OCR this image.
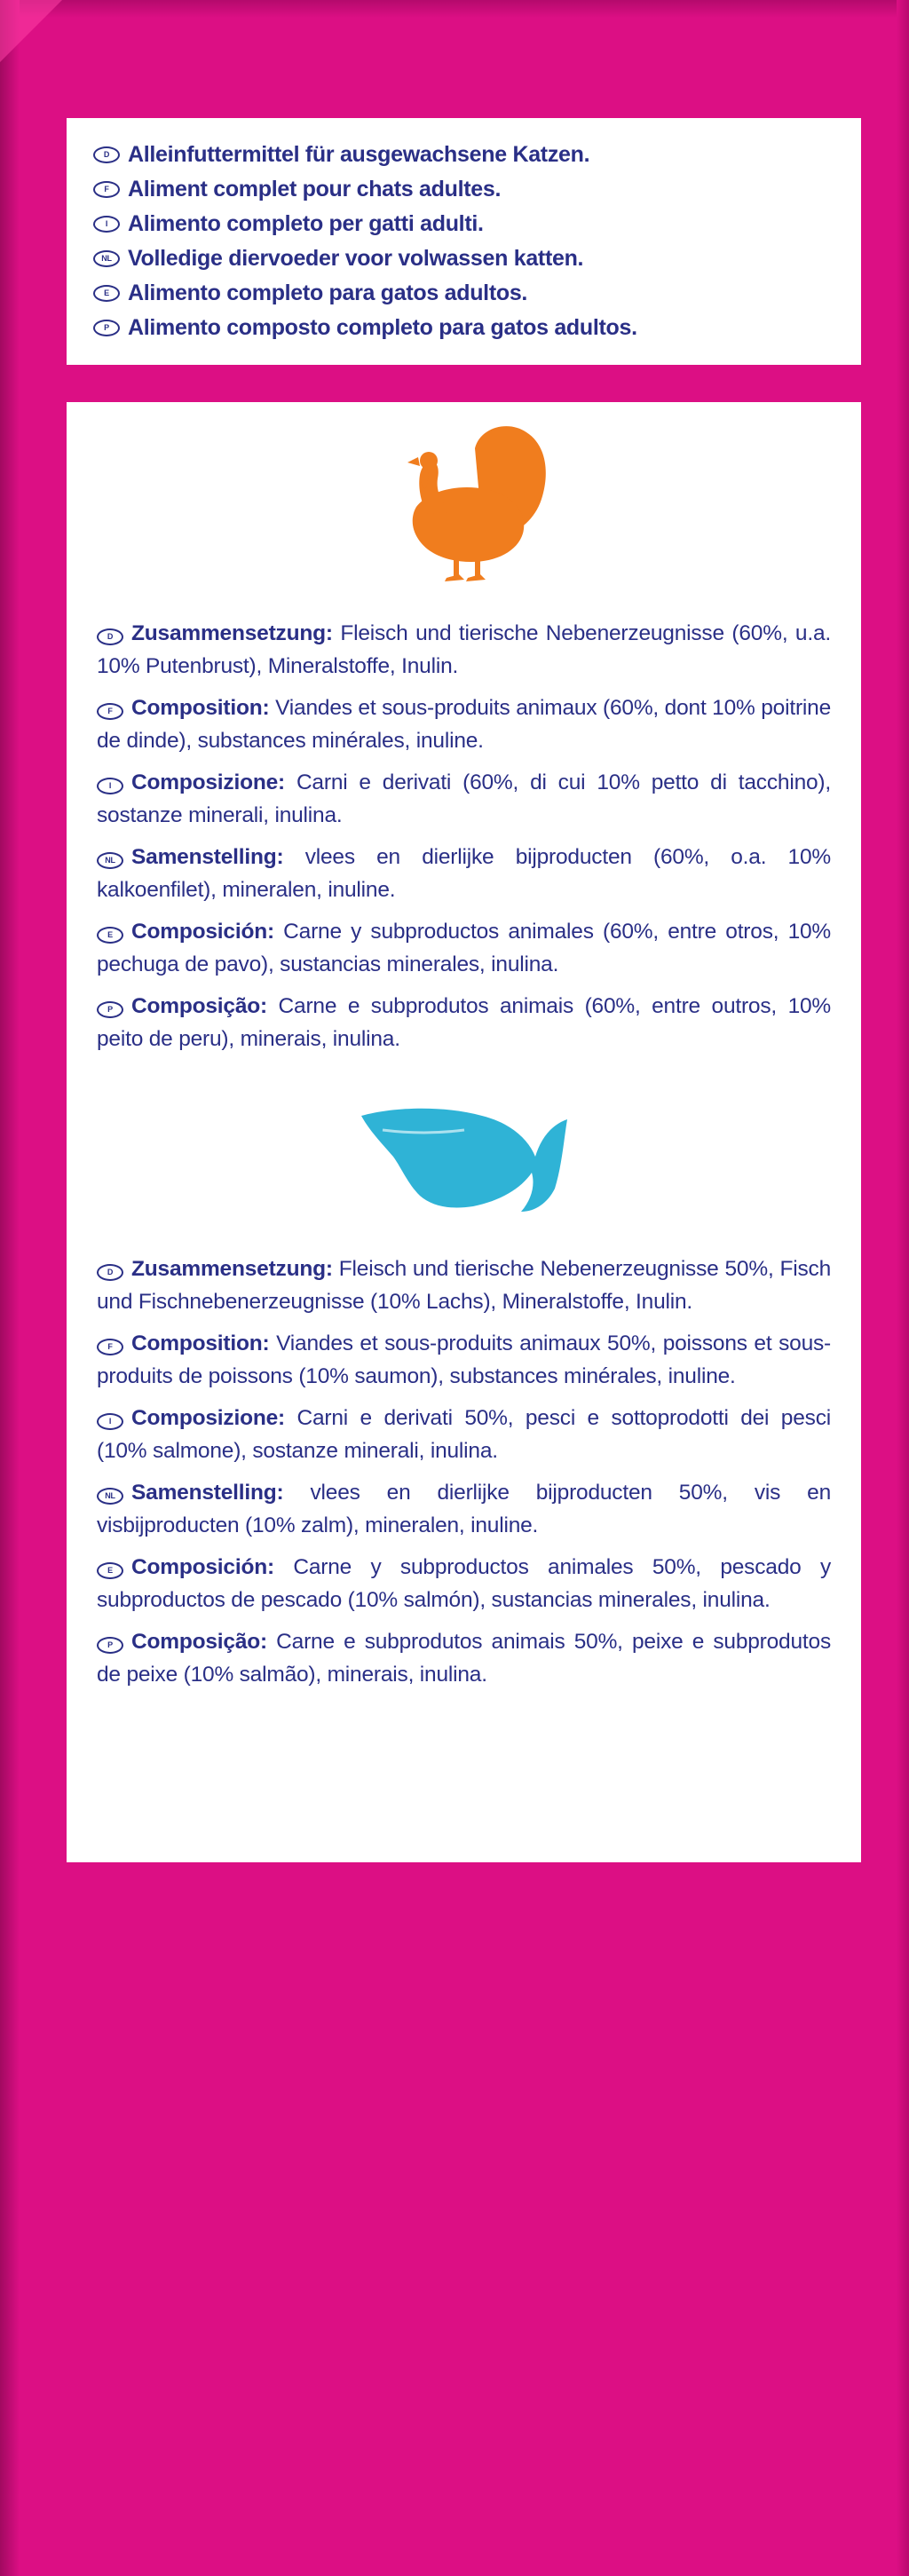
D Alleinfuttermittel für ausgewachsene Katzen.
F Aliment complet pour chats adultes.
I Alimento completo per gatti adulti.
NL Volledige diervoeder voor volwassen katten.
E Alimento completo para gatos adultos.
P Alimento composto completo para gatos adultos.

D Zusammensetzung: Fleisch und tierische Nebenerzeugnisse (60%, u.a. 10% Putenbrust), Mineralstoffe, Inulin.

F Composition: Viandes et sous-produits animaux (60%, dont 10% poitrine de dinde), substances minérales, inuline.

I Composizione: Carni e derivati (60%, di cui 10% petto di tacchino), sostanze minerali, inulina.

NL Samenstelling: vlees en dierlijke bijproducten (60%, o.a. 10% kalkoenfilet), mineralen, inuline.

E Composición: Carne y subproductos animales (60%, entre otros, 10% pechuga de pavo), sustancias minerales, inulina.

P Composição: Carne e subprodutos animais (60%, entre outros, 10% peito de peru), minerais, inulina.

D Zusammensetzung: Fleisch und tierische Nebenerzeugnisse 50%, Fisch und Fischnebenerzeugnisse (10% Lachs), Mineralstoffe, Inulin.

F Composition: Viandes et sous-produits animaux 50%, poissons et sous-produits de poissons (10% saumon), substances minérales, inuline.

I Composizione: Carni e derivati 50%, pesci e sottoprodotti dei pesci (10% salmone), sostanze minerali, inulina.

NL Samenstelling: vlees en dierlijke bijproducten 50%, vis en visbijproducten (10% zalm), mineralen, inuline.

E Composición: Carne y subproductos animales 50%, pescado y subproductos de pescado (10% salmón), sustancias minerales, inulina.

P Composição: Carne e subprodutos animais 50%, peixe e subprodutos de peixe (10% salmão), minerais, inulina.
